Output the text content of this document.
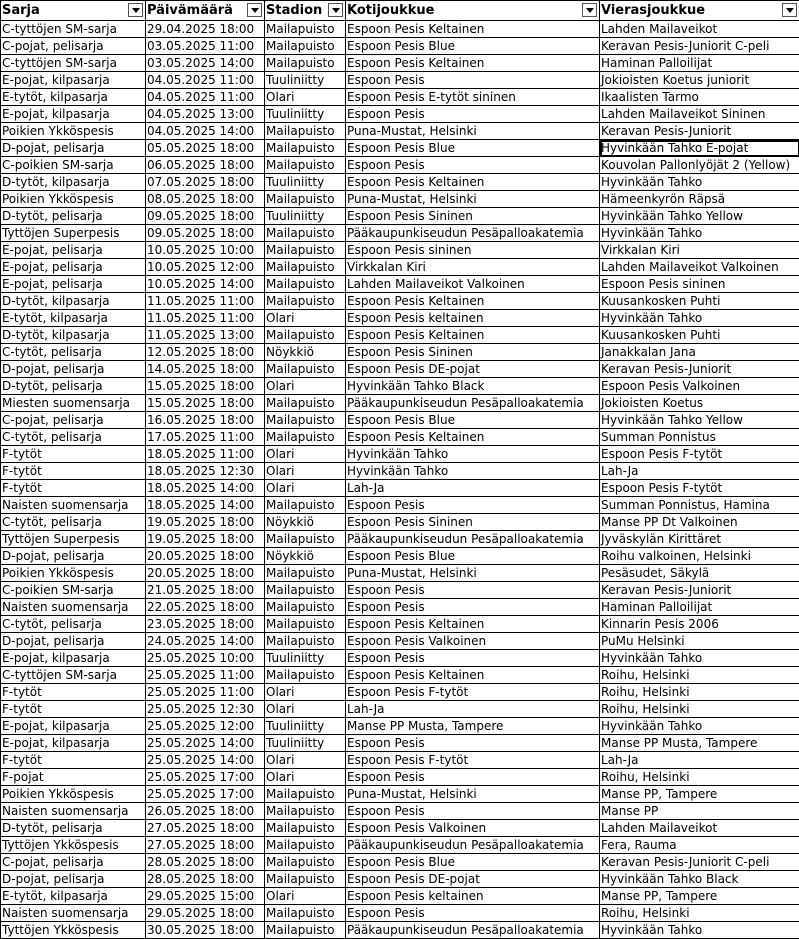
Sarja	Päivämäärä	Stadion	Kotijoukkue	Vierasjoukkue

C-tyttöjen SM-sarja	29.04.2025 18:00	Mailapuisto	Espoon Pesis Keltainen	Lahden Mailaveikot
C-pojat, pelisarja	03.05.2025 11:00	Mailapuisto	Espoon Pesis Blue	Keravan Pesis-Juniorit C-peli
C-tyttöjen SM-sarja	03.05.2025 14:00	Mailapuisto	Espoon Pesis Keltainen	Haminan Palloilijat
E-pojat, kilpasarja	04.05.2025 11:00	Tuuliniitty	Espoon Pesis	Jokioisten Koetus juniorit
E-tytöt, kilpasarja	04.05.2025 11:00	Olari	Espoon Pesis E-tytöt sininen	Ikaalisten Tarmo
E-pojat, kilpasarja	04.05.2025 13:00	Tuuliniitty	Espoon Pesis	Lahden Mailaveikot Sininen
Poikien Ykköspesis	04.05.2025 14:00	Mailapuisto	Puna-Mustat, Helsinki	Keravan Pesis-Juniorit
D-pojat, pelisarja	05.05.2025 18:00	Mailapuisto	Espoon Pesis Blue	Hyvinkään Tahko E-pojat
C-poikien SM-sarja	06.05.2025 18:00	Mailapuisto	Espoon Pesis	Kouvolan Pallonlyöjät 2 (Yellow)
D-tytöt, kilpasarja	07.05.2025 18:00	Tuuliniitty	Espoon Pesis Keltainen	Hyvinkään Tahko
Poikien Ykköspesis	08.05.2025 18:00	Mailapuisto	Puna-Mustat, Helsinki	Hämeenkyrön Räpsä
D-tytöt, pelisarja	09.05.2025 18:00	Tuuliniitty	Espoon Pesis Sininen	Hyvinkään Tahko Yellow
Tyttöjen Superpesis	09.05.2025 18:00	Mailapuisto	Pääkaupunkiseudun Pesäpalloakatemia	Hyvinkään Tahko
E-pojat, pelisarja	10.05.2025 10:00	Mailapuisto	Espoon Pesis sininen	Virkkalan Kiri
E-pojat, pelisarja	10.05.2025 12:00	Mailapuisto	Virkkalan Kiri	Lahden Mailaveikot Valkoinen
E-pojat, pelisarja	10.05.2025 14:00	Mailapuisto	Lahden Mailaveikot Valkoinen	Espoon Pesis sininen
D-tytöt, kilpasarja	11.05.2025 11:00	Mailapuisto	Espoon Pesis Keltainen	Kuusankosken Puhti
E-tytöt, kilpasarja	11.05.2025 11:00	Olari	Espoon Pesis keltainen	Hyvinkään Tahko
D-tytöt, kilpasarja	11.05.2025 13:00	Mailapuisto	Espoon Pesis Keltainen	Kuusankosken Puhti
C-tytöt, pelisarja	12.05.2025 18:00	Nöykkiö	Espoon Pesis Sininen	Janakkalan Jana
D-pojat, pelisarja	14.05.2025 18:00	Mailapuisto	Espoon Pesis DE-pojat	Keravan Pesis-Juniorit
D-tytöt, pelisarja	15.05.2025 18:00	Olari	Hyvinkään Tahko Black	Espoon Pesis Valkoinen
Miesten suomensarja	15.05.2025 18:00	Mailapuisto	Pääkaupunkiseudun Pesäpalloakatemia	Jokioisten Koetus
C-pojat, pelisarja	16.05.2025 18:00	Mailapuisto	Espoon Pesis Blue	Hyvinkään Tahko Yellow
C-tytöt, pelisarja	17.05.2025 11:00	Mailapuisto	Espoon Pesis Keltainen	Summan Ponnistus
F-tytöt	18.05.2025 11:00	Olari	Hyvinkään Tahko	Espoon Pesis F-tytöt
F-tytöt	18.05.2025 12:30	Olari	Hyvinkään Tahko	Lah-Ja
F-tytöt	18.05.2025 14:00	Olari	Lah-Ja	Espoon Pesis F-tytöt
Naisten suomensarja	18.05.2025 14:00	Mailapuisto	Espoon Pesis	Summan Ponnistus, Hamina
C-tytöt, pelisarja	19.05.2025 18:00	Nöykkiö	Espoon Pesis Sininen	Manse PP Dt Valkoinen
Tyttöjen Superpesis	19.05.2025 18:00	Mailapuisto	Pääkaupunkiseudun Pesäpalloakatemia	Jyväskylän Kirittäret
D-pojat, pelisarja	20.05.2025 18:00	Nöykkiö	Espoon Pesis Blue	Roihu valkoinen, Helsinki
Poikien Ykköspesis	20.05.2025 18:00	Mailapuisto	Puna-Mustat, Helsinki	Pesäsudet, Säkylä
C-poikien SM-sarja	21.05.2025 18:00	Mailapuisto	Espoon Pesis	Keravan Pesis-Juniorit
Naisten suomensarja	22.05.2025 18:00	Mailapuisto	Espoon Pesis	Haminan Palloilijat
C-tytöt, pelisarja	23.05.2025 18:00	Mailapuisto	Espoon Pesis Keltainen	Kinnarin Pesis 2006
D-pojat, pelisarja	24.05.2025 14:00	Mailapuisto	Espoon Pesis Valkoinen	PuMu Helsinki
E-pojat, kilpasarja	25.05.2025 10:00	Tuuliniitty	Espoon Pesis	Hyvinkään Tahko
C-tyttöjen SM-sarja	25.05.2025 11:00	Mailapuisto	Espoon Pesis Keltainen	Roihu, Helsinki
F-tytöt	25.05.2025 11:00	Olari	Espoon Pesis F-tytöt	Roihu, Helsinki
F-tytöt	25.05.2025 12:30	Olari	Lah-Ja	Roihu, Helsinki
E-pojat, kilpasarja	25.05.2025 12:00	Tuuliniitty	Manse PP Musta, Tampere	Hyvinkään Tahko
E-pojat, kilpasarja	25.05.2025 14:00	Tuuliniitty	Espoon Pesis	Manse PP Musta, Tampere
F-tytöt	25.05.2025 14:00	Olari	Espoon Pesis F-tytöt	Lah-Ja
F-pojat	25.05.2025 17:00	Olari	Espoon Pesis	Roihu, Helsinki
Poikien Ykköspesis	25.05.2025 17:00	Mailapuisto	Puna-Mustat, Helsinki	Manse PP, Tampere
Naisten suomensarja	26.05.2025 18:00	Mailapuisto	Espoon Pesis	Manse PP
D-tytöt, pelisarja	27.05.2025 18:00	Mailapuisto	Espoon Pesis Valkoinen	Lahden Mailaveikot
Tyttöjen Ykköspesis	27.05.2025 18:00	Mailapuisto	Pääkaupunkiseudun Pesäpalloakatemia	Fera, Rauma
C-pojat, pelisarja	28.05.2025 18:00	Mailapuisto	Espoon Pesis Blue	Keravan Pesis-Juniorit C-peli
D-pojat, pelisarja	28.05.2025 18:00	Mailapuisto	Espoon Pesis DE-pojat	Hyvinkään Tahko Black
E-tytöt, kilpasarja	29.05.2025 15:00	Olari	Espoon Pesis keltainen	Manse PP, Tampere
Naisten suomensarja	29.05.2025 18:00	Mailapuisto	Espoon Pesis	Roihu, Helsinki
Tyttöjen Ykköspesis	30.05.2025 18:00	Mailapuisto	Pääkaupunkiseudun Pesäpalloakatemia	Hyvinkään Tahko
